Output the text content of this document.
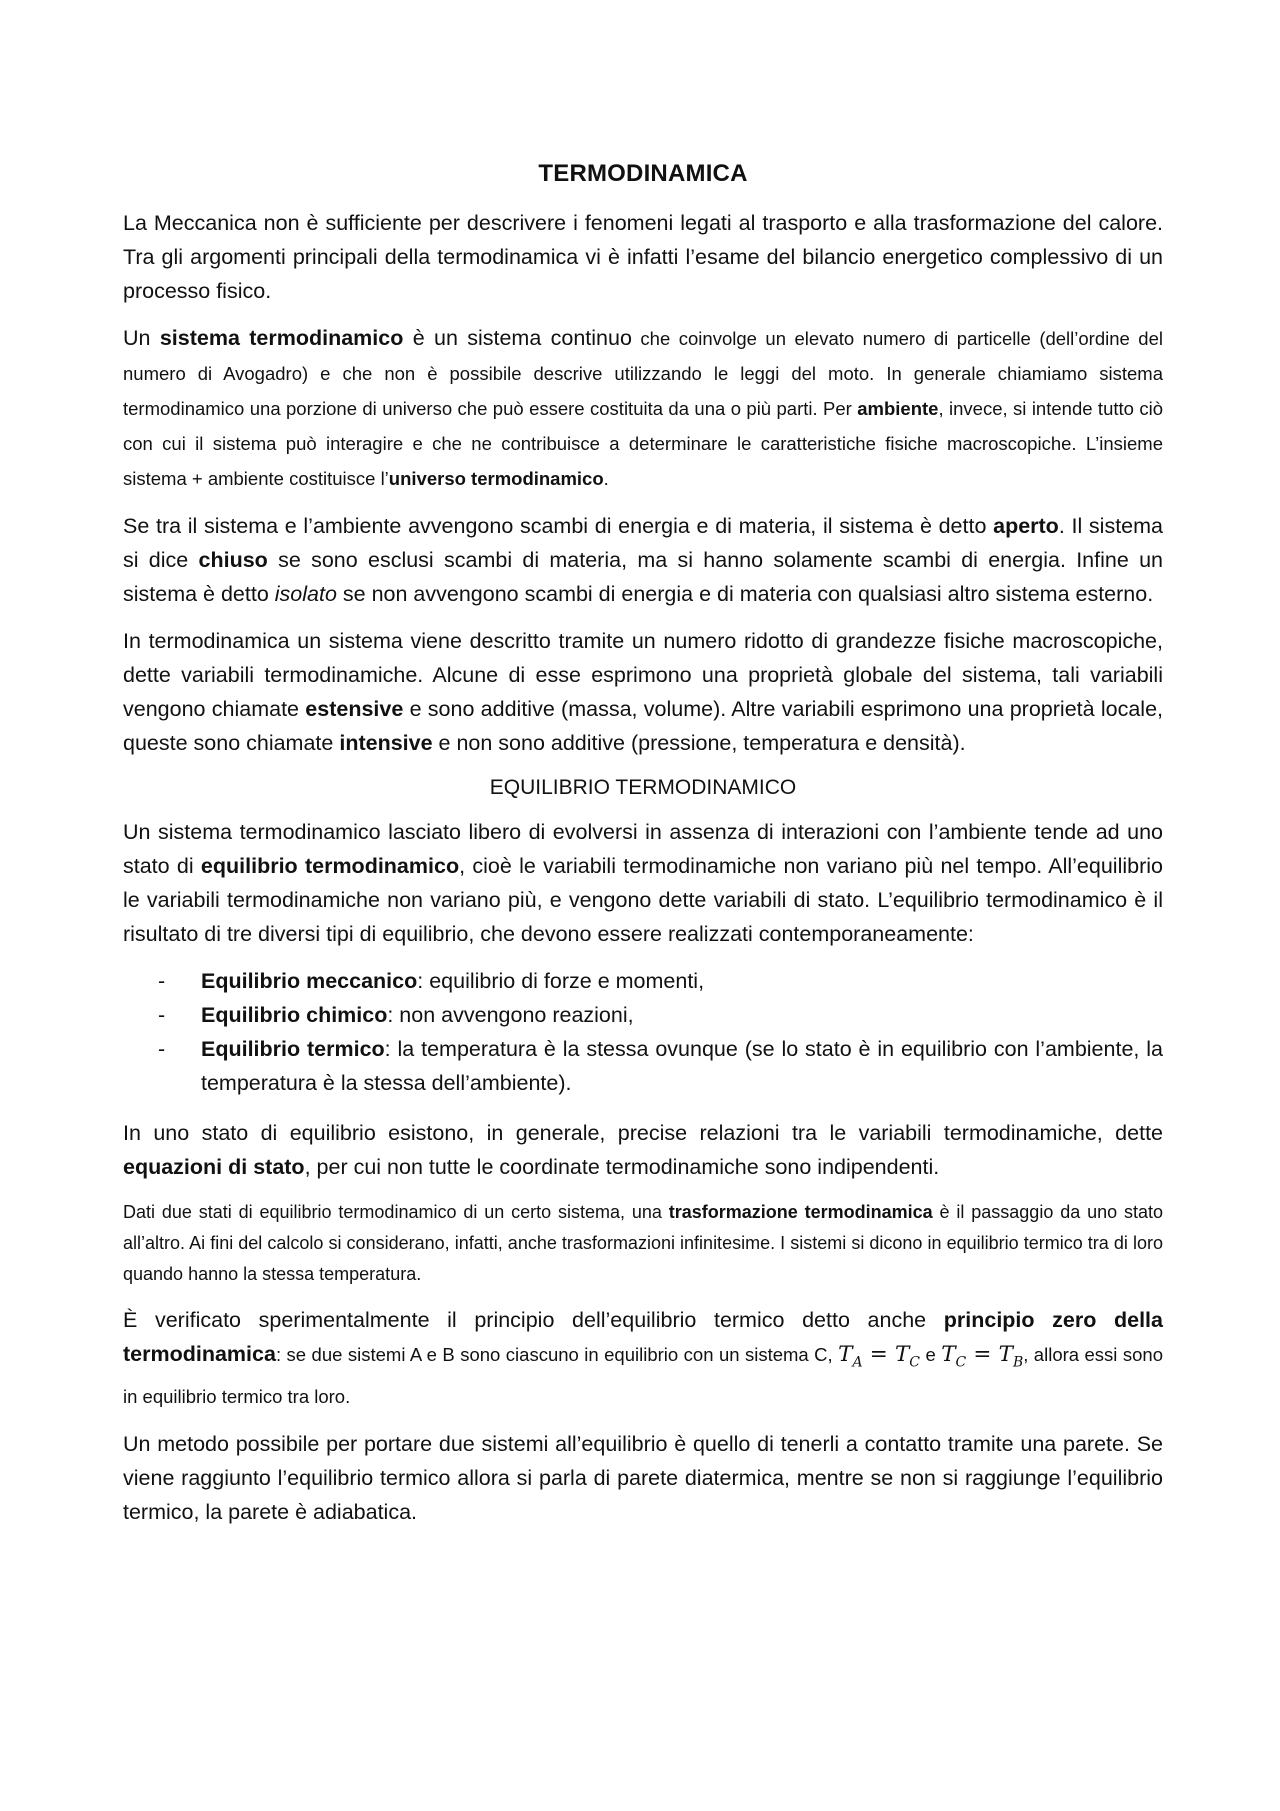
TERMODINAMICA

La Meccanica non è sufficiente per descrivere i fenomeni legati al trasporto e alla trasformazione del calore. Tra gli argomenti principali della termodinamica vi è infatti l’esame del bilancio energetico complessivo di un processo fisico.

Un sistema termodinamico è un sistema continuo che coinvolge un elevato numero di particelle (dell’ordine del numero di Avogadro) e che non è possibile descrive utilizzando le leggi del moto. In generale chiamiamo sistema termodinamico una porzione di universo che può essere costituita da una o più parti. Per ambiente, invece, si intende tutto ciò con cui il sistema può interagire e che ne contribuisce a determinare le caratteristiche fisiche macroscopiche. L’insieme sistema + ambiente costituisce l’universo termodinamico.

Se tra il sistema e l’ambiente avvengono scambi di energia e di materia, il sistema è detto aperto. Il sistema si dice chiuso se sono esclusi scambi di materia, ma si hanno solamente scambi di energia. Infine un sistema è detto isolato se non avvengono scambi di energia e di materia con qualsiasi altro sistema esterno.

In termodinamica un sistema viene descritto tramite un numero ridotto di grandezze fisiche macroscopiche, dette variabili termodinamiche. Alcune di esse esprimono una proprietà globale del sistema, tali variabili vengono chiamate estensive e sono additive (massa, volume). Altre variabili esprimono una proprietà locale, queste sono chiamate intensive e non sono additive (pressione, temperatura e densità).

EQUILIBRIO TERMODINAMICO

Un sistema termodinamico lasciato libero di evolversi in assenza di interazioni con l’ambiente tende ad uno stato di equilibrio termodinamico, cioè le variabili termodinamiche non variano più nel tempo. All’equilibrio le variabili termodinamiche non variano più, e vengono dette variabili di stato. L’equilibrio termodinamico è il risultato di tre diversi tipi di equilibrio, che devono essere realizzati contemporaneamente:

- Equilibrio meccanico: equilibrio di forze e momenti,
- Equilibrio chimico: non avvengono reazioni,
- Equilibrio termico: la temperatura è la stessa ovunque (se lo stato è in equilibrio con l’ambiente, la temperatura è la stessa dell’ambiente).

In uno stato di equilibrio esistono, in generale, precise relazioni tra le variabili termodinamiche, dette equazioni di stato, per cui non tutte le coordinate termodinamiche sono indipendenti.

Dati due stati di equilibrio termodinamico di un certo sistema, una trasformazione termodinamica è il passaggio da uno stato all’altro. Ai fini del calcolo si considerano, infatti, anche trasformazioni infinitesime. I sistemi si dicono in equilibrio termico tra di loro quando hanno la stessa temperatura.

È verificato sperimentalmente il principio dell’equilibrio termico detto anche principio zero della termodinamica: se due sistemi A e B sono ciascuno in equilibrio con un sistema C, $T_A = T_C$ e $T_C = T_B$, allora essi sono in equilibrio termico tra loro.

Un metodo possibile per portare due sistemi all’equilibrio è quello di tenerli a contatto tramite una parete. Se viene raggiunto l’equilibrio termico allora si parla di parete diatermica, mentre se non si raggiunge l’equilibrio termico, la parete è adiabatica.
